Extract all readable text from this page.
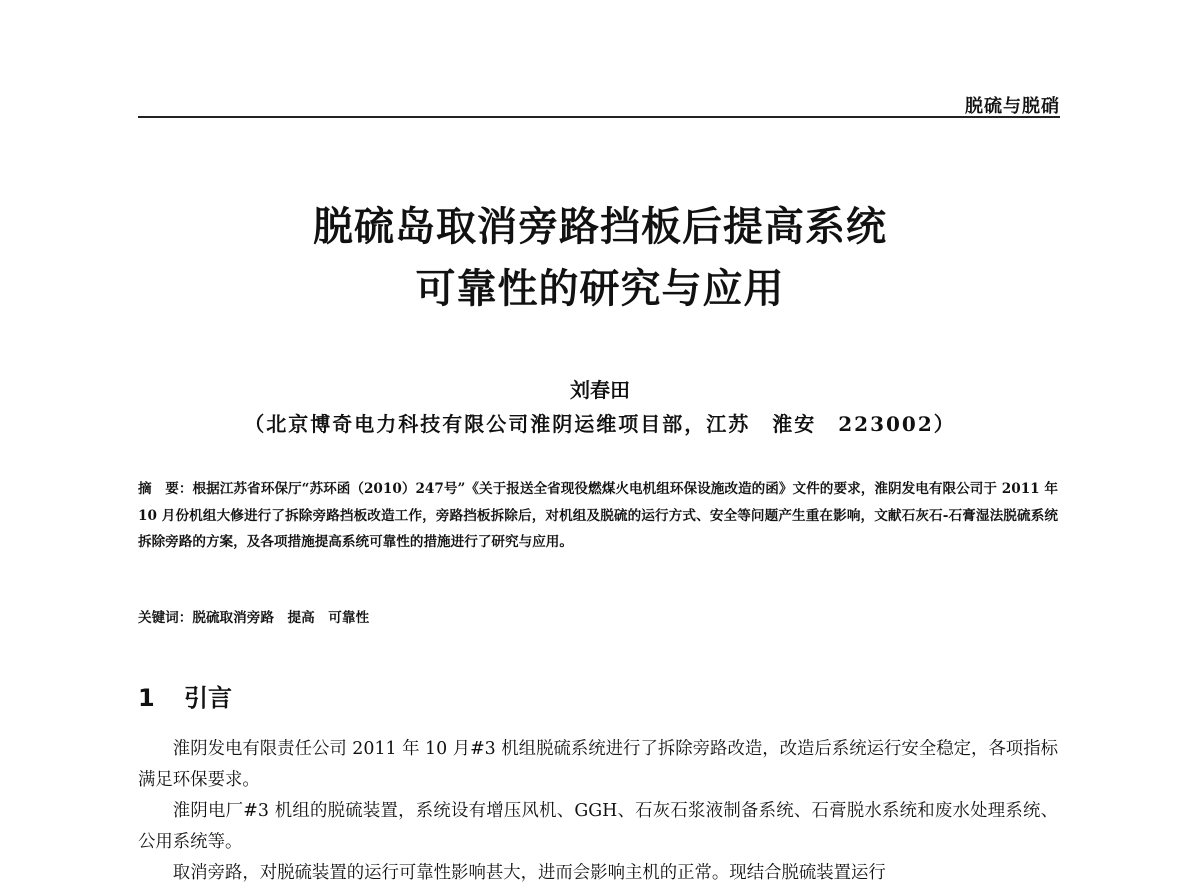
脱硫与脱硝
脱硫岛取消旁路挡板后提高系统
可靠性的研究与应用
刘春田
（北京博奇电力科技有限公司淮阴运维项目部，江苏　淮安　223002）
摘　要：根据江苏省环保厅“苏环函（2010）247号”《关于报送全省现役燃煤火电机组环保设施改造的函》文件的要求，淮阴发电有限公司于 2011 年 10 月份机组大修进行了拆除旁路挡板改造工作，旁路挡板拆除后，对机组及脱硫的运行方式、安全等问题产生重在影响，文献石灰石-石膏湿法脱硫系统拆除旁路的方案，及各项措施提高系统可靠性的措施进行了研究与应用。
关键词：脱硫取消旁路　提高　可靠性
1 引言

淮阴发电有限责任公司 2011 年 10 月#3 机组脱硫系统进行了拆除旁路改造，改造后系统运行安全稳定，各项指标满足环保要求。

淮阴电厂#3 机组的脱硫装置，系统设有增压风机、GGH、石灰石浆液制备系统、石膏脱水系统和废水处理系统、公用系统等。

取消旁路，对脱硫装置的运行可靠性影响甚大，进而会影响主机的正常。现结合脱硫装置运行
